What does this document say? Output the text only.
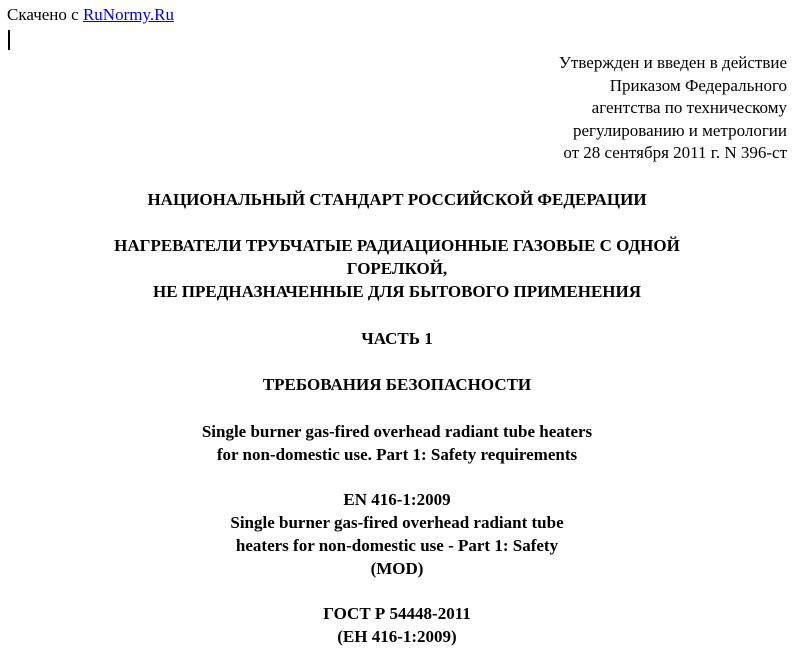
Скачено с RuNormy.Ru
Утвержден и введен в действие
Приказом Федерального
агентства по техническому
регулированию и метрологии
от 28 сентября 2011 г. N 396-ст
НАЦИОНАЛЬНЫЙ СТАНДАРТ РОССИЙСКОЙ ФЕДЕРАЦИИ
НАГРЕВАТЕЛИ ТРУБЧАТЫЕ РАДИАЦИОННЫЕ ГАЗОВЫЕ С ОДНОЙ
ГОРЕЛКОЙ,
НЕ ПРЕДНАЗНАЧЕННЫЕ ДЛЯ БЫТОВОГО ПРИМЕНЕНИЯ
ЧАСТЬ 1
ТРЕБОВАНИЯ БЕЗОПАСНОСТИ
Single burner gas-fired overhead radiant tube heaters
for non-domestic use. Part 1: Safety requirements
EN 416-1:2009
Single burner gas-fired overhead radiant tube
heaters for non-domestic use - Part 1: Safety
(MOD)
ГОСТ Р 54448-2011
(ЕН 416-1:2009)
